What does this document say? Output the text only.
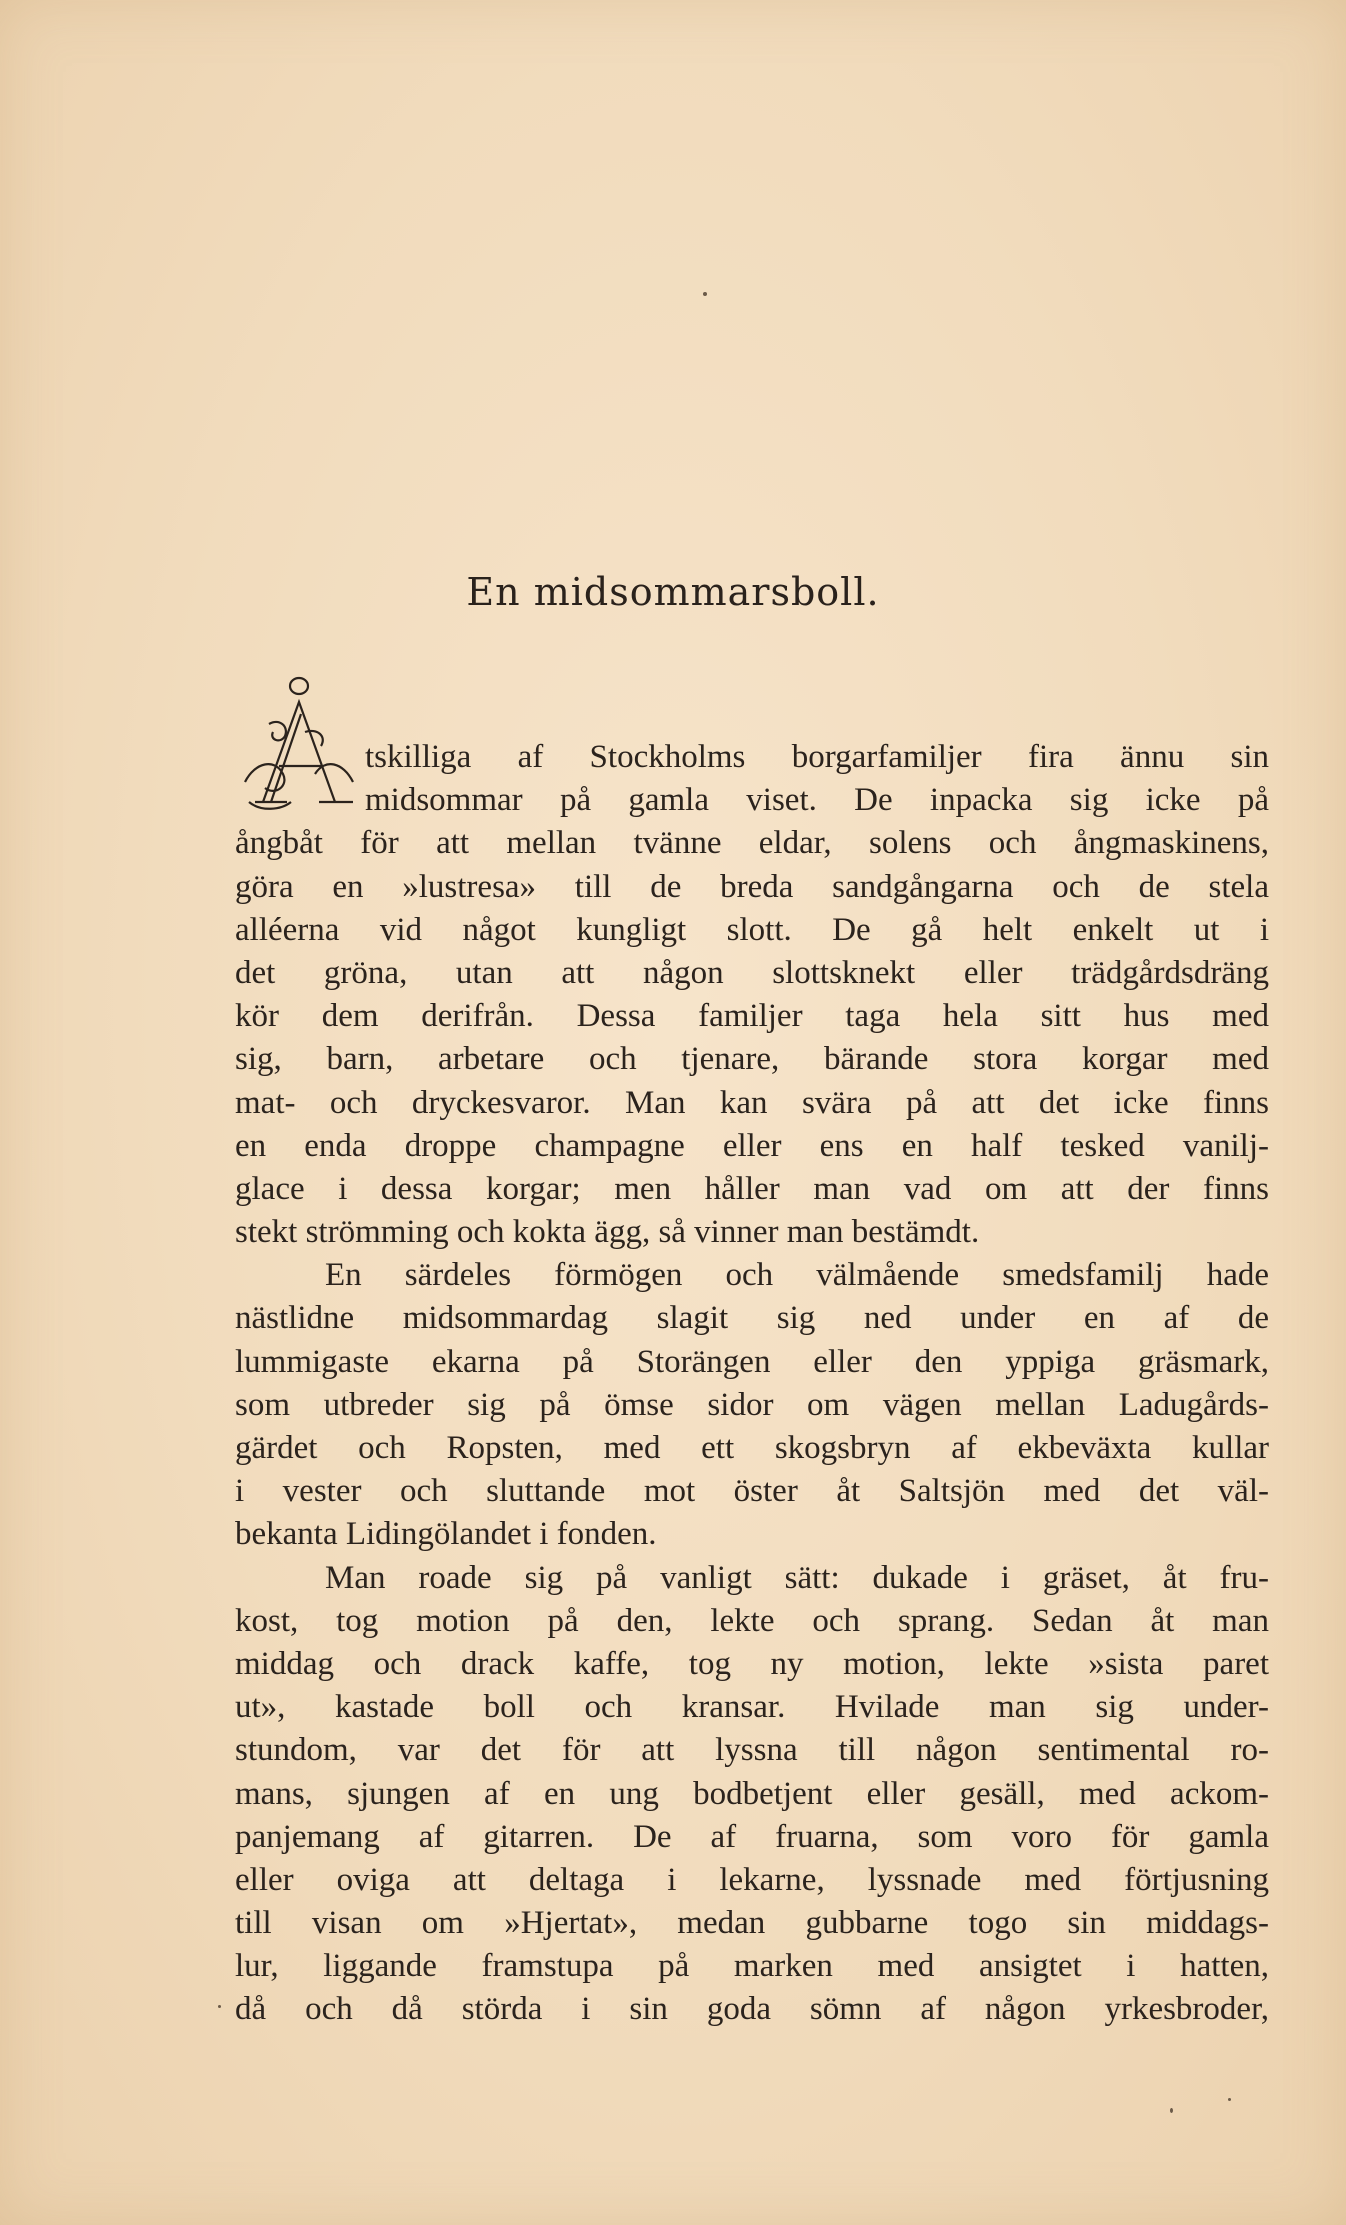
En midsommarsboll.
tskilliga af Stockholms borgarfamiljer fira ännu sin
midsommar på gamla viset. De inpacka sig icke på
ångbåt för att mellan tvänne eldar, solens och ångmaskinens,
göra en »lustresa» till de breda sandgångarna och de stela
alléerna vid något kungligt slott. De gå helt enkelt ut i
det gröna, utan att någon slottsknekt eller trädgårdsdräng
kör dem derifrån. Dessa familjer taga hela sitt hus med
sig, barn, arbetare och tjenare, bärande stora korgar med
mat- och dryckesvaror. Man kan svära på att det icke finns
en enda droppe champagne eller ens en half tesked vanilj-
glace i dessa korgar; men håller man vad om att der finns
stekt strömming och kokta ägg, så vinner man bestämdt.
En särdeles förmögen och välmående smedsfamilj hade
nästlidne midsommardag slagit sig ned under en af de
lummigaste ekarna på Storängen eller den yppiga gräsmark,
som utbreder sig på ömse sidor om vägen mellan Ladugårds-
gärdet och Ropsten, med ett skogsbryn af ekbeväxta kullar
i vester och sluttande mot öster åt Saltsjön med det väl-
bekanta Lidingölandet i fonden.
Man roade sig på vanligt sätt: dukade i gräset, åt fru-
kost, tog motion på den, lekte och sprang. Sedan åt man
middag och drack kaffe, tog ny motion, lekte »sista paret
ut», kastade boll och kransar. Hvilade man sig under-
stundom, var det för att lyssna till någon sentimental ro-
mans, sjungen af en ung bodbetjent eller gesäll, med ackom-
panjemang af gitarren. De af fruarna, som voro för gamla
eller oviga att deltaga i lekarne, lyssnade med förtjusning
till visan om »Hjertat», medan gubbarne togo sin middags-
lur, liggande framstupa på marken med ansigtet i hatten,
då och då störda i sin goda sömn af någon yrkesbroder,
